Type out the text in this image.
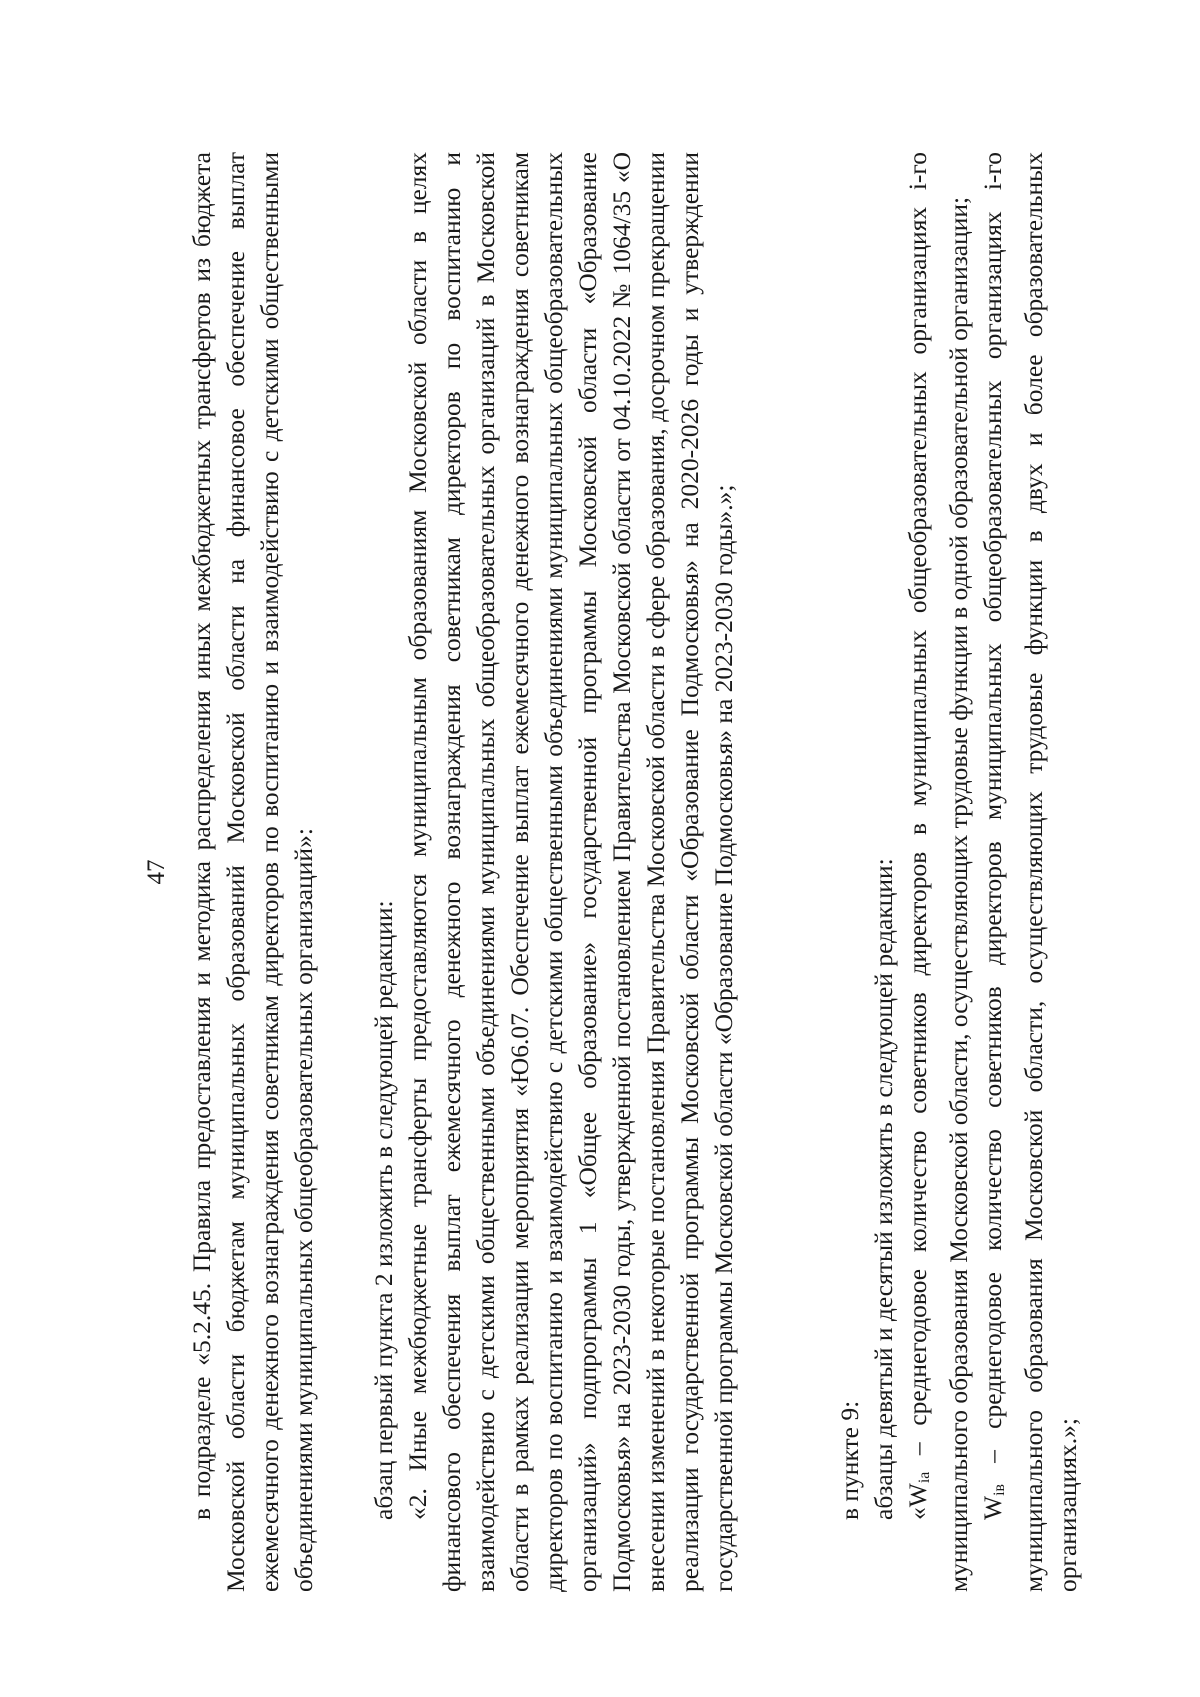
47 в подразделе «5.2.45. Правила предоставления и методика распределения иных межбюджетных трансфертов из бюджета Московской области бюджетам муниципальных образований Московской области на финансовое обеспечение выплат ежемесячного денежного вознаграждения советникам директоров по воспитанию и взаимодействию с детскими общественными объединениями муниципальных общеобразовательных организаций»: абзац первый пункта 2 изложить в следующей редакции: «2. Иные межбюджетные трансферты предоставляются муниципальным образованиям Московской области в целях финансового обеспечения выплат ежемесячного денежного вознаграждения советникам директоров по воспитанию и взаимодействию с детскими общественными объединениями муниципальных общеобразовательных организаций в Московской области в рамках реализации мероприятия «Ю6.07. Обеспечение выплат ежемесячного денежного вознаграждения советникам директоров по воспитанию и взаимодействию с детскими общественными объединениями муниципальных общеобразовательных организаций» подпрограммы 1 «Общее образование» государственной программы Московской области «Образование Подмосковья» на 2023-2030 годы, утвержденной постановлением Правительства Московской области от 04.10.2022 № 1064/35 «О внесении изменений в некоторые постановления Правительства Московской области в сфере образования, досрочном прекращении реализации государственной программы Московской области «Образование Подмосковья» на 2020-2026 годы и утверждении государственной программы Московской области «Образование Подмосковья» на 2023-2030 годы».»;	в пункте 9: абзацы девятый и десятый изложить в следующей редакции: «$W_{ia}$ – среднегодовое количество советников директоров в муниципальных общеобразовательных организациях i-го муниципального образования Московской области, осуществляющих трудовые функции в одной образовательной организации; $W_{iв}$ – среднегодовое количество советников директоров муниципальных общеобразовательных организациях i-го муниципального образования Московской области, осуществляющих трудовые функции в двух и более образовательных организациях.»;
